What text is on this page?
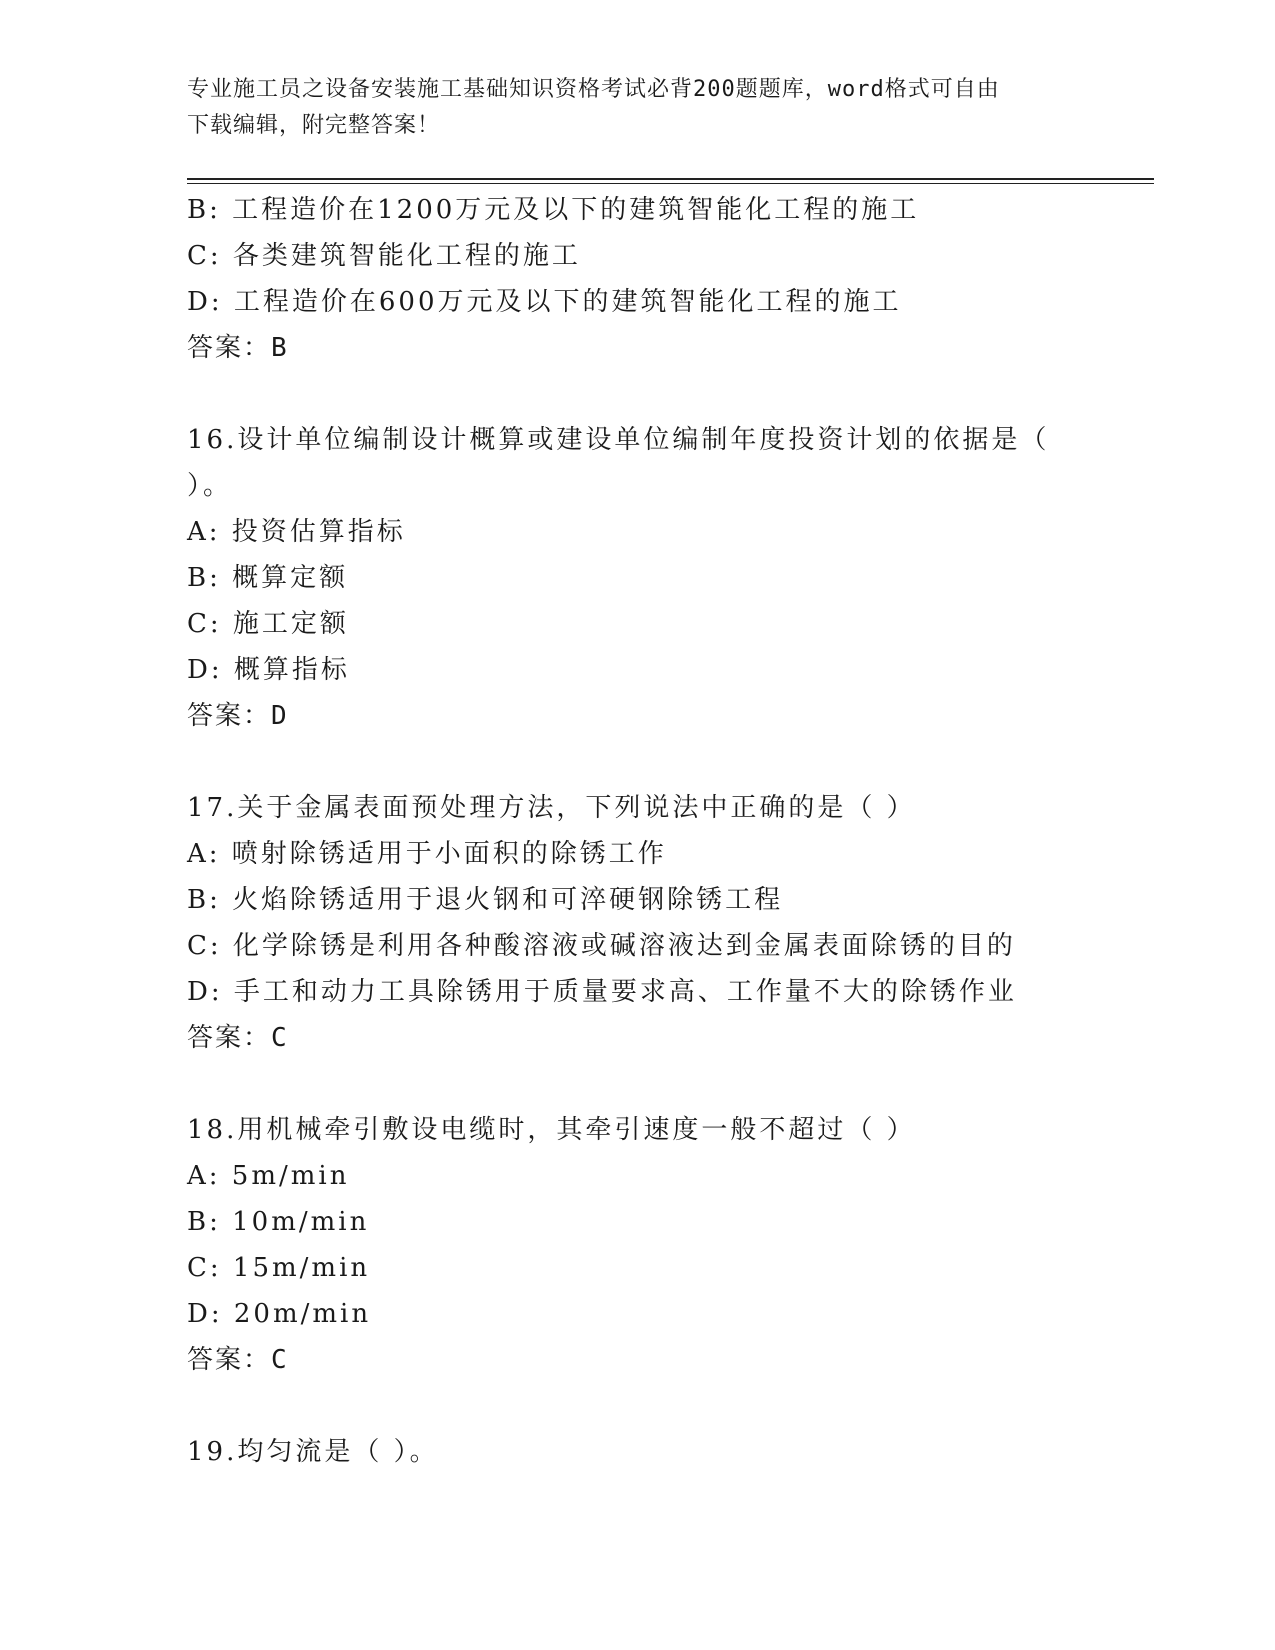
专业施工员之设备安装施工基础知识资格考试必背200题题库，word格式可自由
下载编辑，附完整答案！
B: 工程造价在1200万元及以下的建筑智能化工程的施工
C: 各类建筑智能化工程的施工
D: 工程造价在600万元及以下的建筑智能化工程的施工
答案：B
16.设计单位编制设计概算或建设单位编制年度投资计划的依据是（
）。
A: 投资估算指标
B: 概算定额
C: 施工定额
D: 概算指标
答案：D
17.关于金属表面预处理方法，下列说法中正确的是（ ）
A: 喷射除锈适用于小面积的除锈工作
B: 火焰除锈适用于退火钢和可淬硬钢除锈工程
C: 化学除锈是利用各种酸溶液或碱溶液达到金属表面除锈的目的
D: 手工和动力工具除锈用于质量要求高、工作量不大的除锈作业
答案：C
18.用机械牵引敷设电缆时，其牵引速度一般不超过（ ）
A: 5m/min
B: 10m/min
C: 15m/min
D: 20m/min
答案：C
19.均匀流是（ ）。
